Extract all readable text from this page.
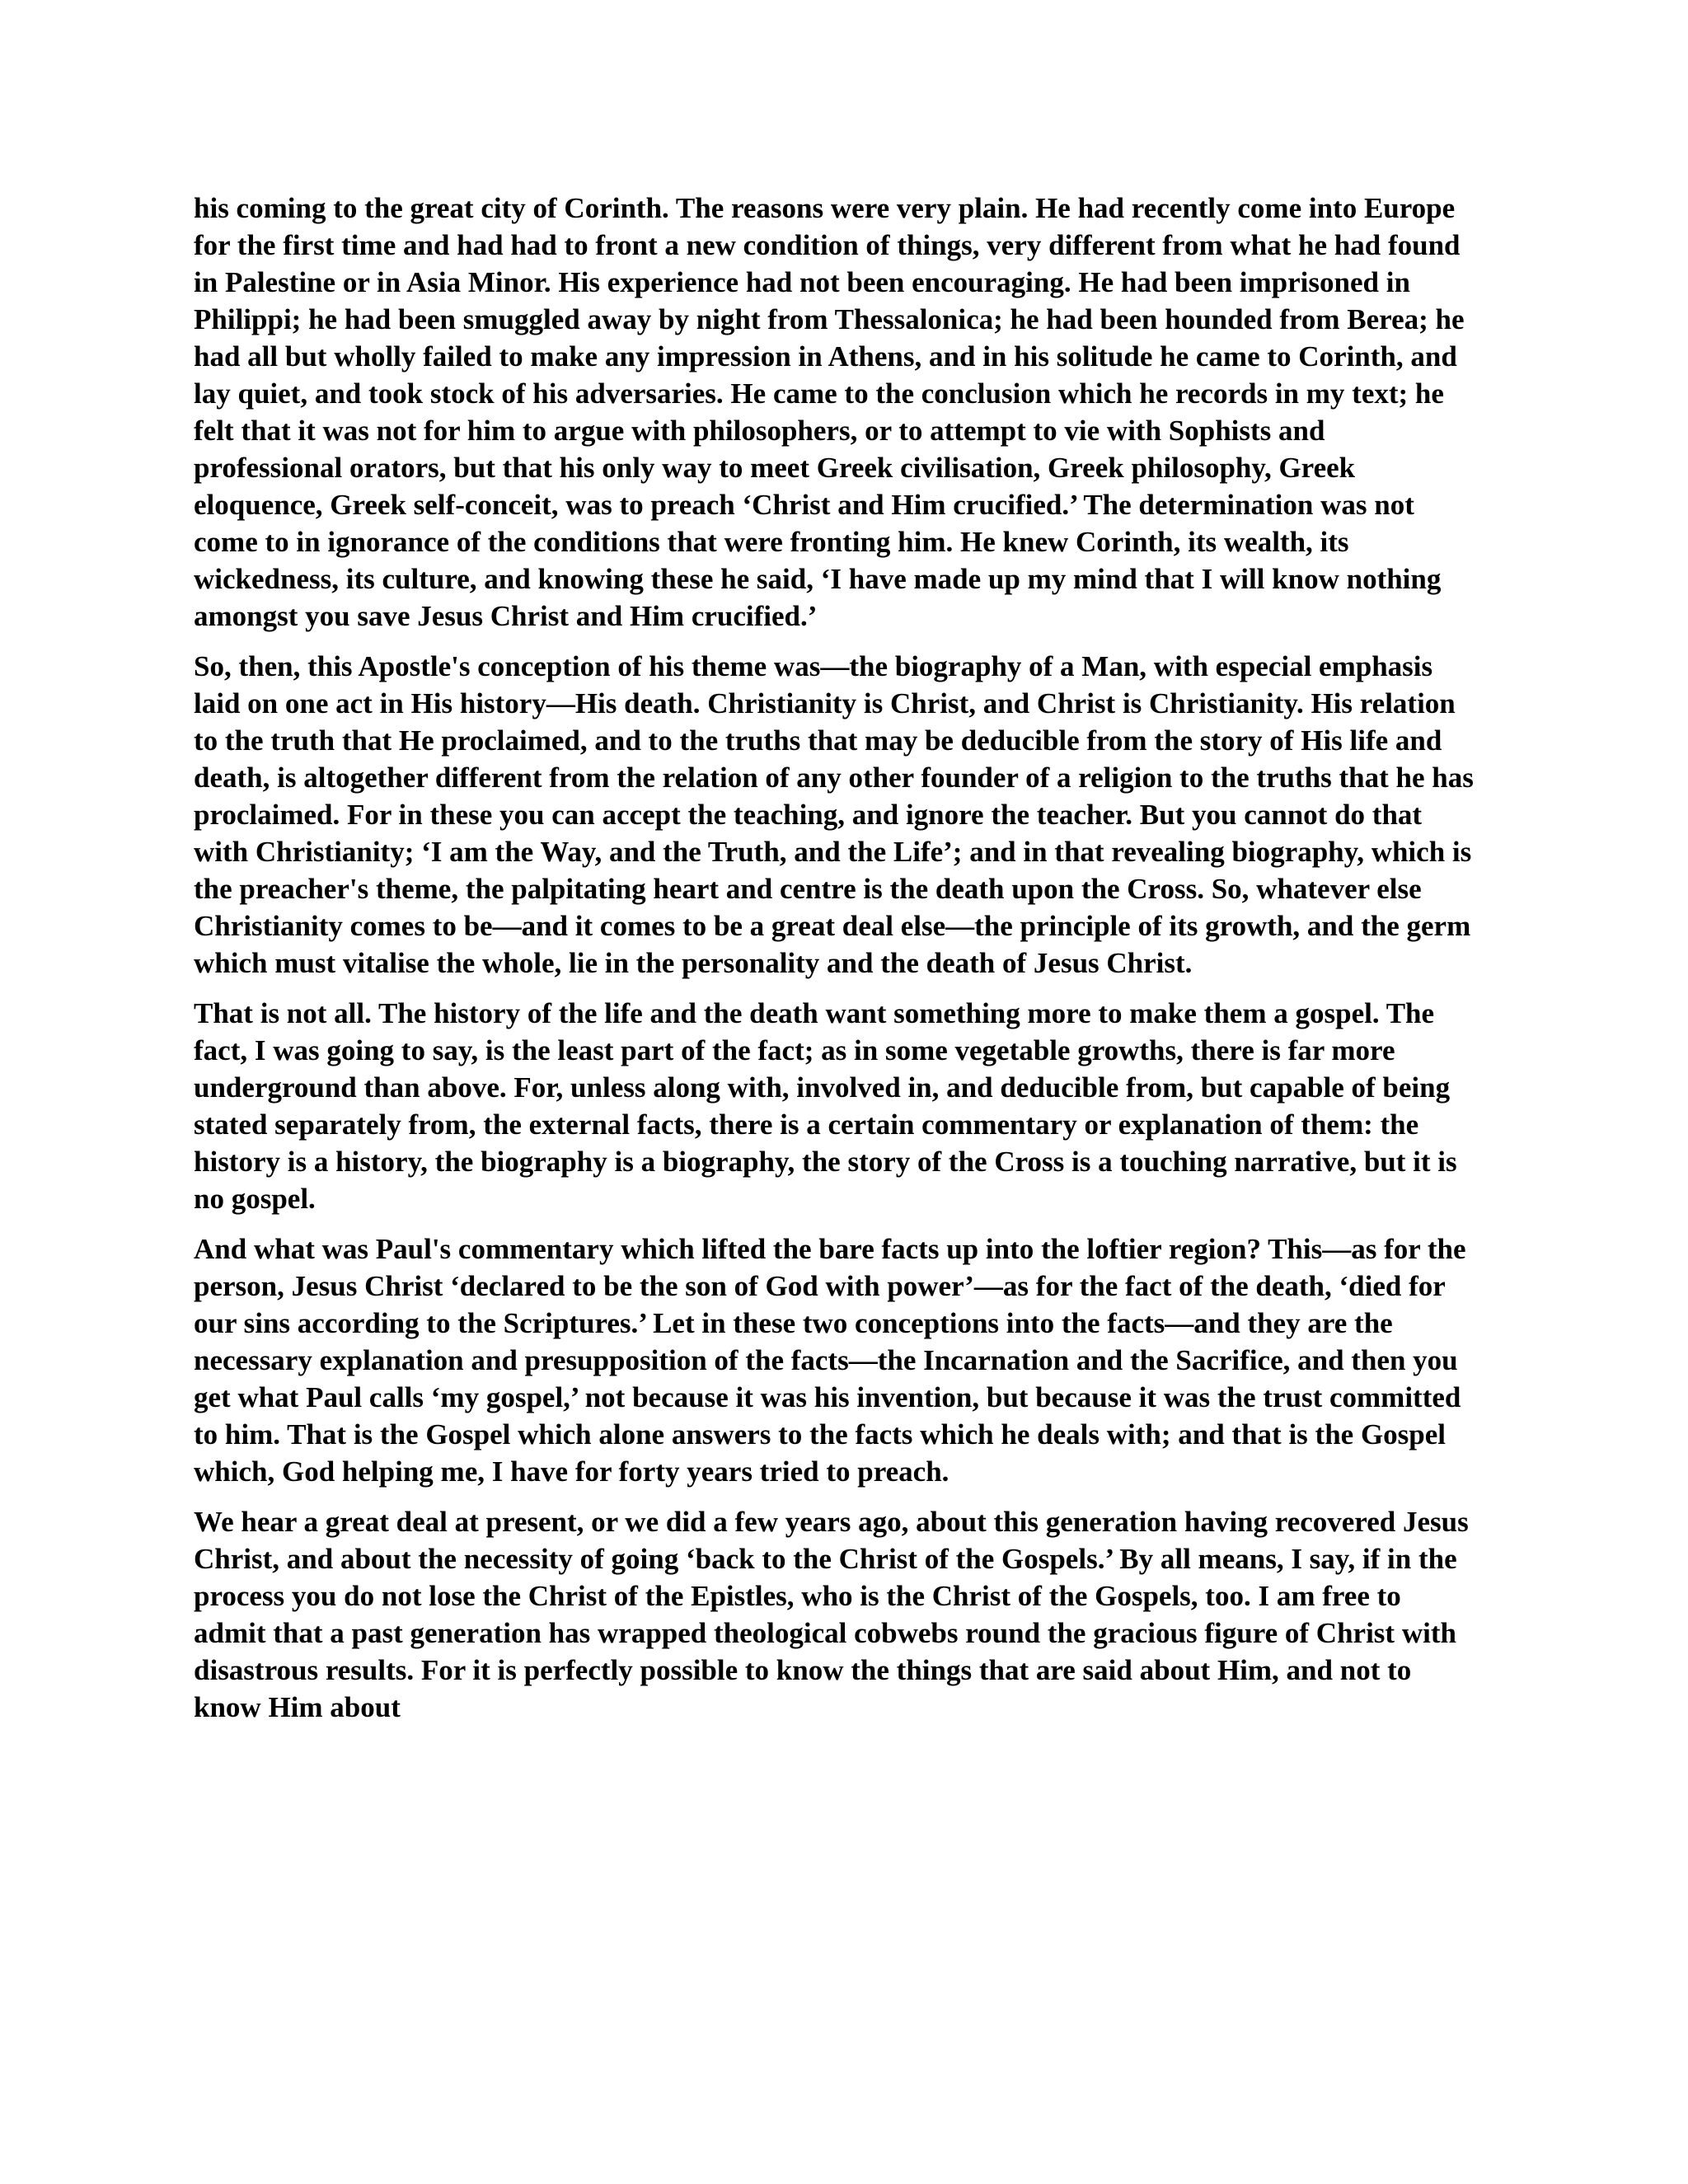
his coming to the great city of Corinth. The reasons were very plain. He had recently come into Europe for the first time and had had to front a new condition of things, very different from what he had found in Palestine or in Asia Minor. His experience had not been encouraging. He had been imprisoned in Philippi; he had been smuggled away by night from Thessalonica; he had been hounded from Berea; he had all but wholly failed to make any impression in Athens, and in his solitude he came to Corinth, and lay quiet, and took stock of his adversaries. He came to the conclusion which he records in my text; he felt that it was not for him to argue with philosophers, or to attempt to vie with Sophists and professional orators, but that his only way to meet Greek civilisation, Greek philosophy, Greek eloquence, Greek self-conceit, was to preach ‘Christ and Him crucified.’ The determination was not come to in ignorance of the conditions that were fronting him. He knew Corinth, its wealth, its wickedness, its culture, and knowing these he said, ‘I have made up my mind that I will know nothing amongst you save Jesus Christ and Him crucified.’

So, then, this Apostle's conception of his theme was—the biography of a Man, with especial emphasis laid on one act in His history—His death. Christianity is Christ, and Christ is Christianity. His relation to the truth that He proclaimed, and to the truths that may be deducible from the story of His life and death, is altogether different from the relation of any other founder of a religion to the truths that he has proclaimed. For in these you can accept the teaching, and ignore the teacher. But you cannot do that with Christianity; ‘I am the Way, and the Truth, and the Life’; and in that revealing biography, which is the preacher's theme, the palpitating heart and centre is the death upon the Cross. So, whatever else Christianity comes to be—and it comes to be a great deal else—the principle of its growth, and the germ which must vitalise the whole, lie in the personality and the death of Jesus Christ.

That is not all. The history of the life and the death want something more to make them a gospel. The fact, I was going to say, is the least part of the fact; as in some vegetable growths, there is far more underground than above. For, unless along with, involved in, and deducible from, but capable of being stated separately from, the external facts, there is a certain commentary or explanation of them: the history is a history, the biography is a biography, the story of the Cross is a touching narrative, but it is no gospel.

And what was Paul's commentary which lifted the bare facts up into the loftier region? This—as for the person, Jesus Christ ‘declared to be the son of God with power’—as for the fact of the death, ‘died for our sins according to the Scriptures.’ Let in these two conceptions into the facts—and they are the necessary explanation and presupposition of the facts—the Incarnation and the Sacrifice, and then you get what Paul calls ‘my gospel,’ not because it was his invention, but because it was the trust committed to him. That is the Gospel which alone answers to the facts which he deals with; and that is the Gospel which, God helping me, I have for forty years tried to preach.

We hear a great deal at present, or we did a few years ago, about this generation having recovered Jesus Christ, and about the necessity of going ‘back to the Christ of the Gospels.’ By all means, I say, if in the process you do not lose the Christ of the Epistles, who is the Christ of the Gospels, too. I am free to admit that a past generation has wrapped theological cobwebs round the gracious figure of Christ with disastrous results. For it is perfectly possible to know the things that are said about Him, and not to know Him about
